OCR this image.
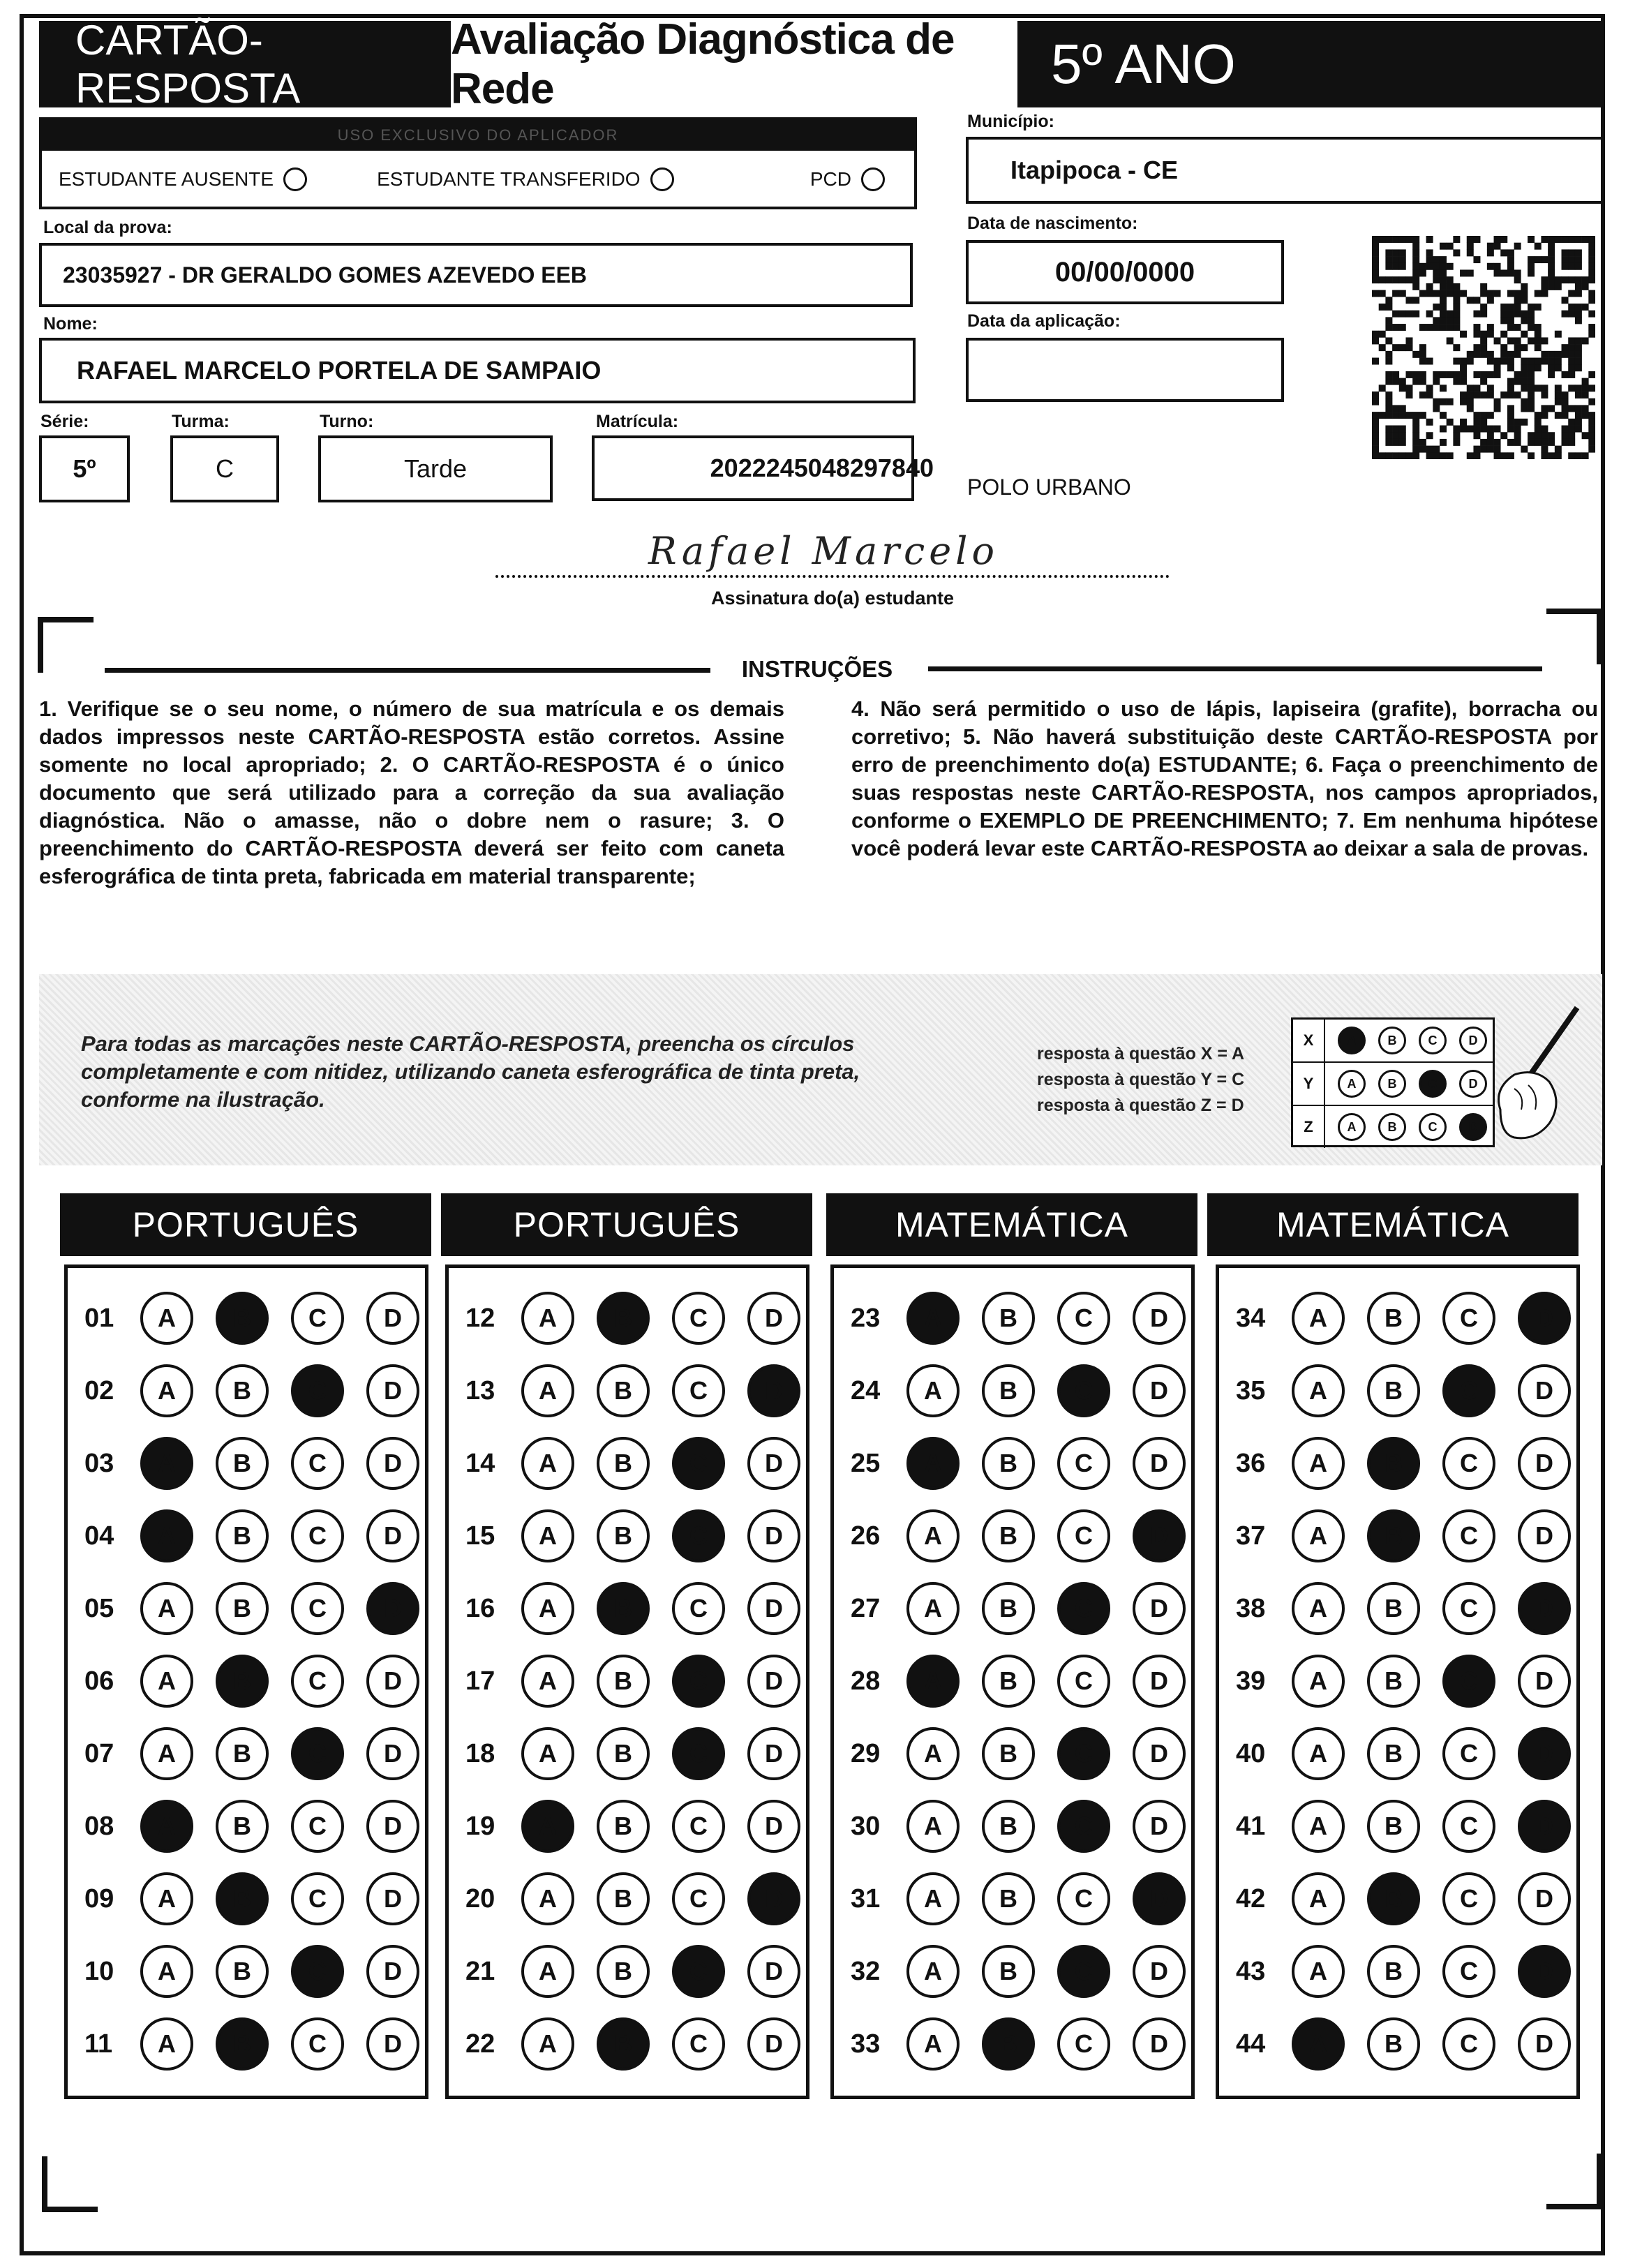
CARTÃO-RESPOSTA
Avaliação Diagnóstica de Rede	5º ANO
USO EXCLUSIVO DO APLICADOR
ESTUDANTE AUSENTE	ESTUDANTE TRANSFERIDO	PCD
Município:
Itapipoca - CE
Local da prova:
23035927 - DR GERALDO GOMES AZEVEDO EEB
Data de nascimento:
00/00/0000
Nome:
RAFAEL MARCELO PORTELA DE SAMPAIO
Data da aplicação:
Série:
5º
Turma:
C
Turno:
Tarde
Matrícula:
2022245048297840
POLO URBANO
Rafael Marcelo
Assinatura do(a) estudante
INSTRUÇÕES
1. Verifique se o seu nome, o número de sua matrícula e os demais dados impressos neste CARTÃO-RESPOSTA estão corretos. Assine somente no local apropriado; 2. O CARTÃO-RESPOSTA é o único documento que será utilizado para a correção da sua avaliação diagnóstica. Não o amasse, não o dobre nem o rasure; 3. O preenchimento do CARTÃO-RESPOSTA deverá ser feito com caneta esferográfica de tinta preta, fabricada em material transparente;
4. Não será permitido o uso de lápis, lapiseira (grafite), borracha ou corretivo; 5. Não haverá substituição deste CARTÃO-RESPOSTA por erro de preenchimento do(a) ESTUDANTE; 6. Faça o preenchimento de suas respostas neste CARTÃO-RESPOSTA, nos campos apropriados, conforme o EXEMPLO DE PREENCHIMENTO; 7. Em nenhuma hipótese você poderá levar este CARTÃO-RESPOSTA ao deixar a sala de provas.
Para todas as marcações neste CARTÃO-RESPOSTA, preencha os círculos completamente e com nitidez, utilizando caneta esferográfica de tinta preta, conforme na ilustração.
resposta à questão X = A
resposta à questão Y = C
resposta à questão Z = D
X	A	B	C	D
Y	A	B	C	D
Z	A	B	C	D
PORTUGUÊS
01	A	B	C	D
02	A	B	C	D
03	A	B	C	D
04	A	B	C	D
05	A	B	C	D
06	A	B	C	D
07	A	B	C	D
08	A	B	C	D
09	A	B	C	D
10	A	B	C	D
11	A	B	C	D
PORTUGUÊS
12	A	B	C	D
13	A	B	C	D
14	A	B	C	D
15	A	B	C	D
16	A	B	C	D
17	A	B	C	D
18	A	B	C	D
19	A	B	C	D
20	A	B	C	D
21	A	B	C	D
22	A	B	C	D
MATEMÁTICA
23	A	B	C	D
24	A	B	C	D
25	A	B	C	D
26	A	B	C	D
27	A	B	C	D
28	A	B	C	D
29	A	B	C	D
30	A	B	C	D
31	A	B	C	D
32	A	B	C	D
33	A	B	C	D
MATEMÁTICA
34	A	B	C	D
35	A	B	C	D
36	A	B	C	D
37	A	B	C	D
38	A	B	C	D
39	A	B	C	D
40	A	B	C	D
41	A	B	C	D
42	A	B	C	D
43	A	B	C	D
44	A	B	C	D
